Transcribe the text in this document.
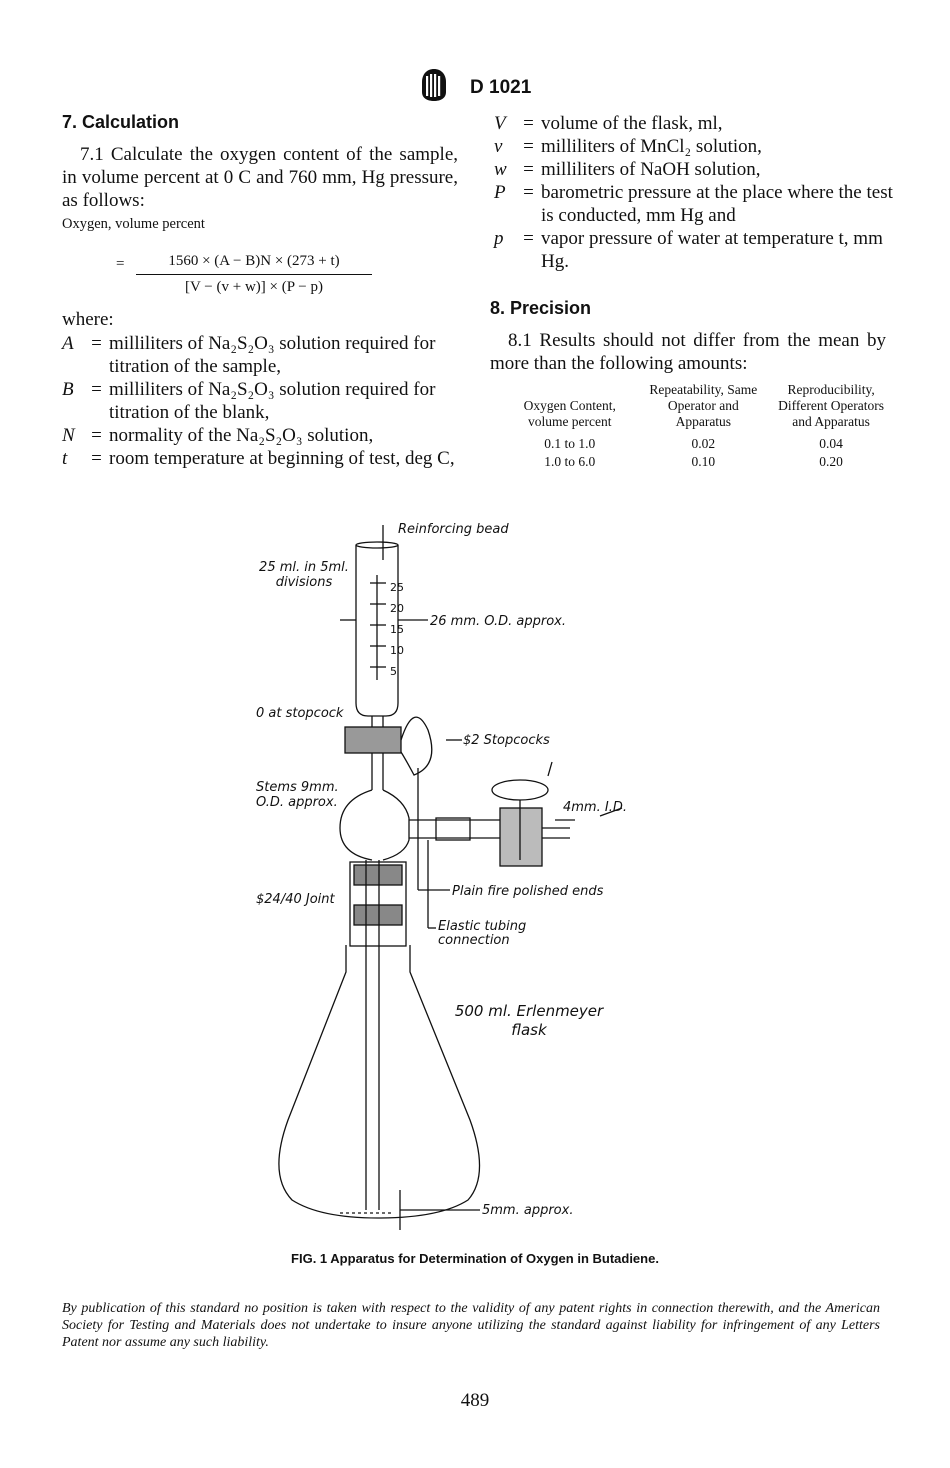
D 1021
7. Calculation
7.1 Calculate the oxygen content of the sample, in volume percent at 0 C and 760 mm, Hg pressure, as follows:
Oxygen, volume percent
= $\frac{1560 \times (A - B)N \times (273 + t)}{[V - (v + w)] \times (P - p)}$
where:
A = milliliters of Na₂S₂O₃ solution required for titration of the sample,
B = milliliters of Na₂S₂O₃ solution required for titration of the blank,
N = normality of the Na₂S₂O₃ solution,
t	= room temperature at beginning of test, deg C,
V = volume of the flask, ml,
v	= milliliters of MnCl₂ solution,
w = milliliters of NaOH solution,
P = barometric pressure at the place where the test is conducted, mm Hg and
p	= vapor pressure of water at temperature t, mm Hg.
8. Precision
8.1 Results should not differ from the mean by more than the following amounts:
Oxygen Content, volume percent	Repeatability, Same Operator and Apparatus	Reproducibility, Different Operators and Apparatus
0.1 to 1.0	0.02	0.04
1.0 to 6.0	0.10	0.20
Reinforcing bead
25 ml. in 5ml. divisions
26 mm. O.D. approx.
25
20
15
10
5
0 at stopcock
$2 Stopcocks
Stems 9mm. O.D. approx.	4mm. I.D.
$24/40 Joint
Plain fire polished ends
Elastic tubing connection
500 ml. Erlenmeyer flask
5mm. approx.
FIG. 1 Apparatus for Determination of Oxygen in Butadiene.
By publication of this standard no position is taken with respect to the validity of any patent rights in connection therewith, and the American Society for Testing and Materials does not undertake to insure anyone utilizing the standard against liability for infringement of any Letters Patent nor assume any such liability.
489
